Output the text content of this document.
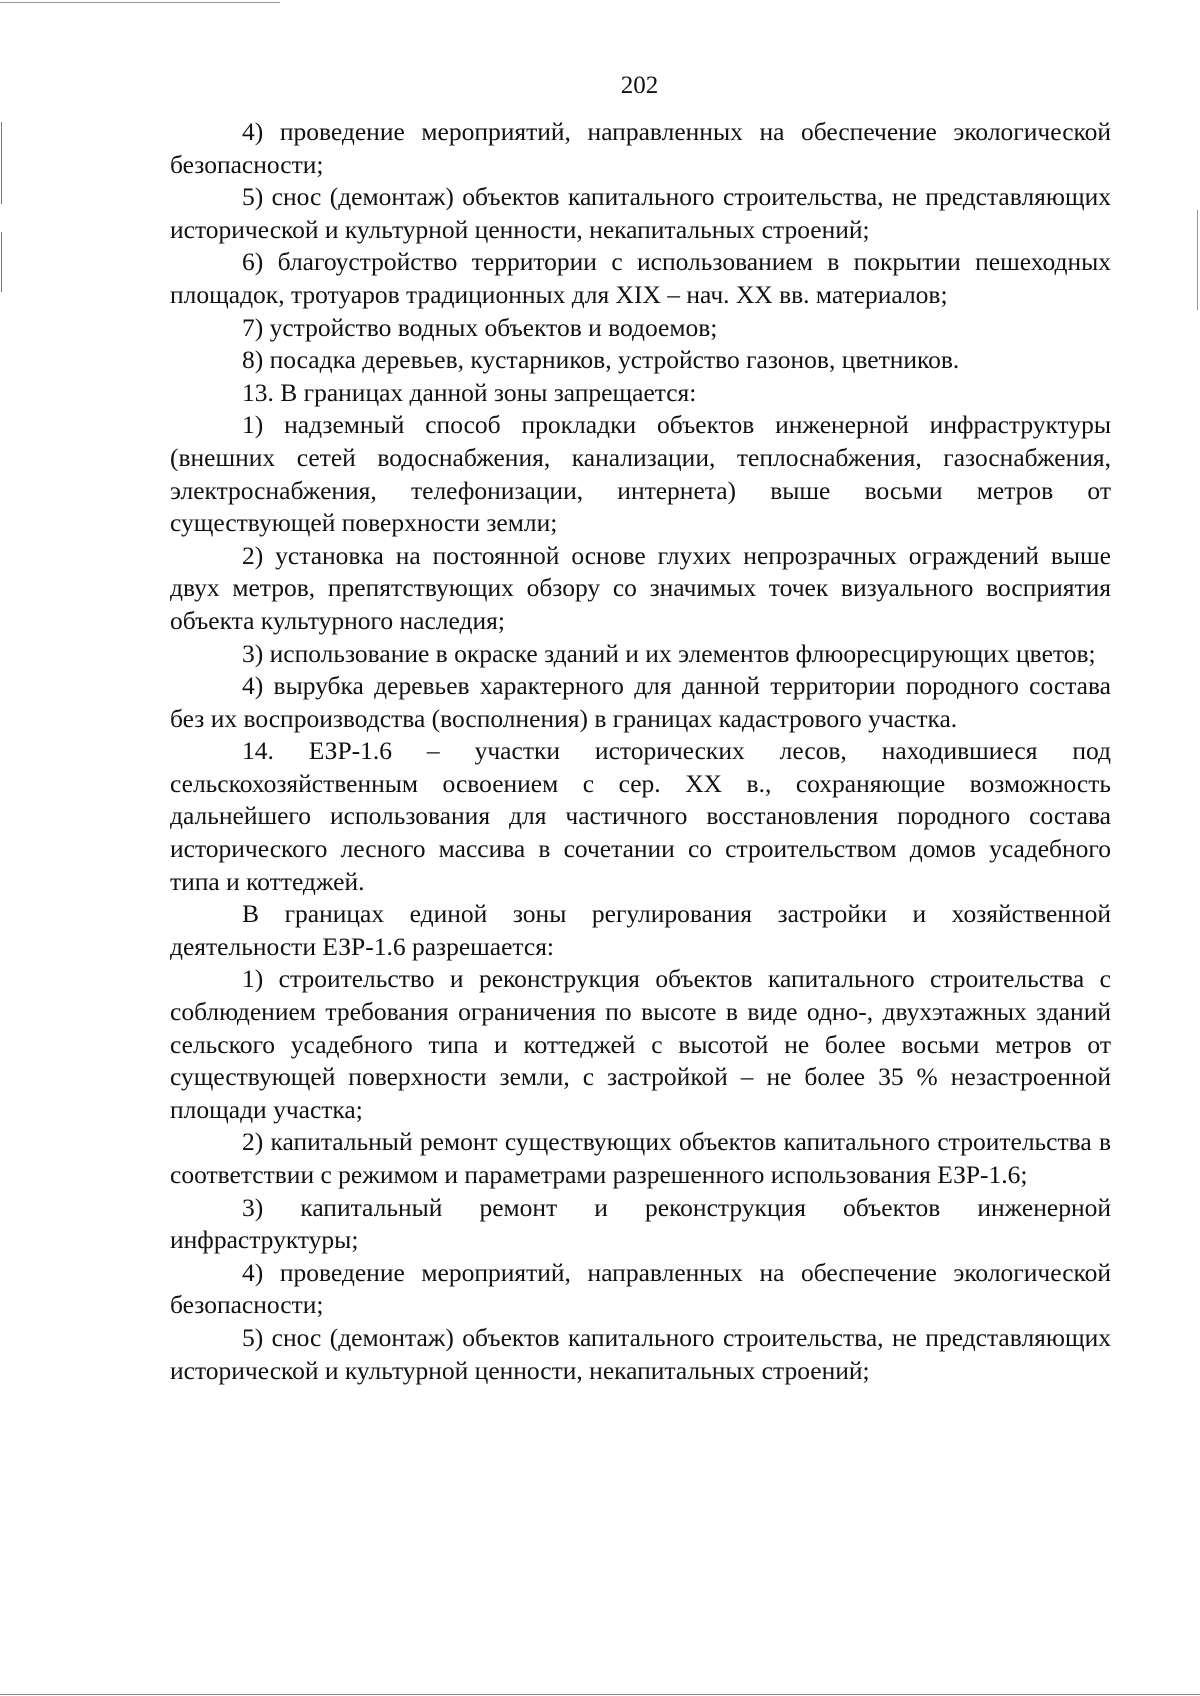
202

4) проведение мероприятий, направленных на обеспечение экологической безопасности;

5) снос (демонтаж) объектов капитального строительства, не представляющих исторической и культурной ценности, некапитальных строений;

6) благоустройство территории с использованием в покрытии пешеходных площадок, тротуаров традиционных для XIX – нач. XX вв. материалов;

7) устройство водных объектов и водоемов;

8) посадка деревьев, кустарников, устройство газонов, цветников.

13. В границах данной зоны запрещается:

1) надземный способ прокладки объектов инженерной инфраструктуры (внешних сетей водоснабжения, канализации, теплоснабжения, газоснабжения, электроснабжения, телефонизации, интернета) выше восьми метров от существующей поверхности земли;

2) установка на постоянной основе глухих непрозрачных ограждений выше двух метров, препятствующих обзору со значимых точек визуального восприятия объекта культурного наследия;

3) использование в окраске зданий и их элементов флюоресцирующих цветов;

4) вырубка деревьев характерного для данной территории породного состава без их воспроизводства (восполнения) в границах кадастрового участка.

14. ЕЗР-1.6 – участки исторических лесов, находившиеся под сельскохозяйственным освоением с сер. XX в., сохраняющие возможность дальнейшего использования для частичного восстановления породного состава исторического лесного массива в сочетании со строительством домов усадебного типа и коттеджей.

В границах единой зоны регулирования застройки и хозяйственной деятельности ЕЗР-1.6 разрешается:

1) строительство и реконструкция объектов капитального строительства с соблюдением требования ограничения по высоте в виде одно-, двухэтажных зданий сельского усадебного типа и коттеджей с высотой не более восьми метров от существующей поверхности земли, с застройкой – не более 35 % незастроенной площади участка;

2) капитальный ремонт существующих объектов капитального строительства в соответствии с режимом и параметрами разрешенного использования ЕЗР-1.6;

3) капитальный ремонт и реконструкция объектов инженерной инфраструктуры;

4) проведение мероприятий, направленных на обеспечение экологической безопасности;

5) снос (демонтаж) объектов капитального строительства, не представляющих исторической и культурной ценности, некапитальных строений;
